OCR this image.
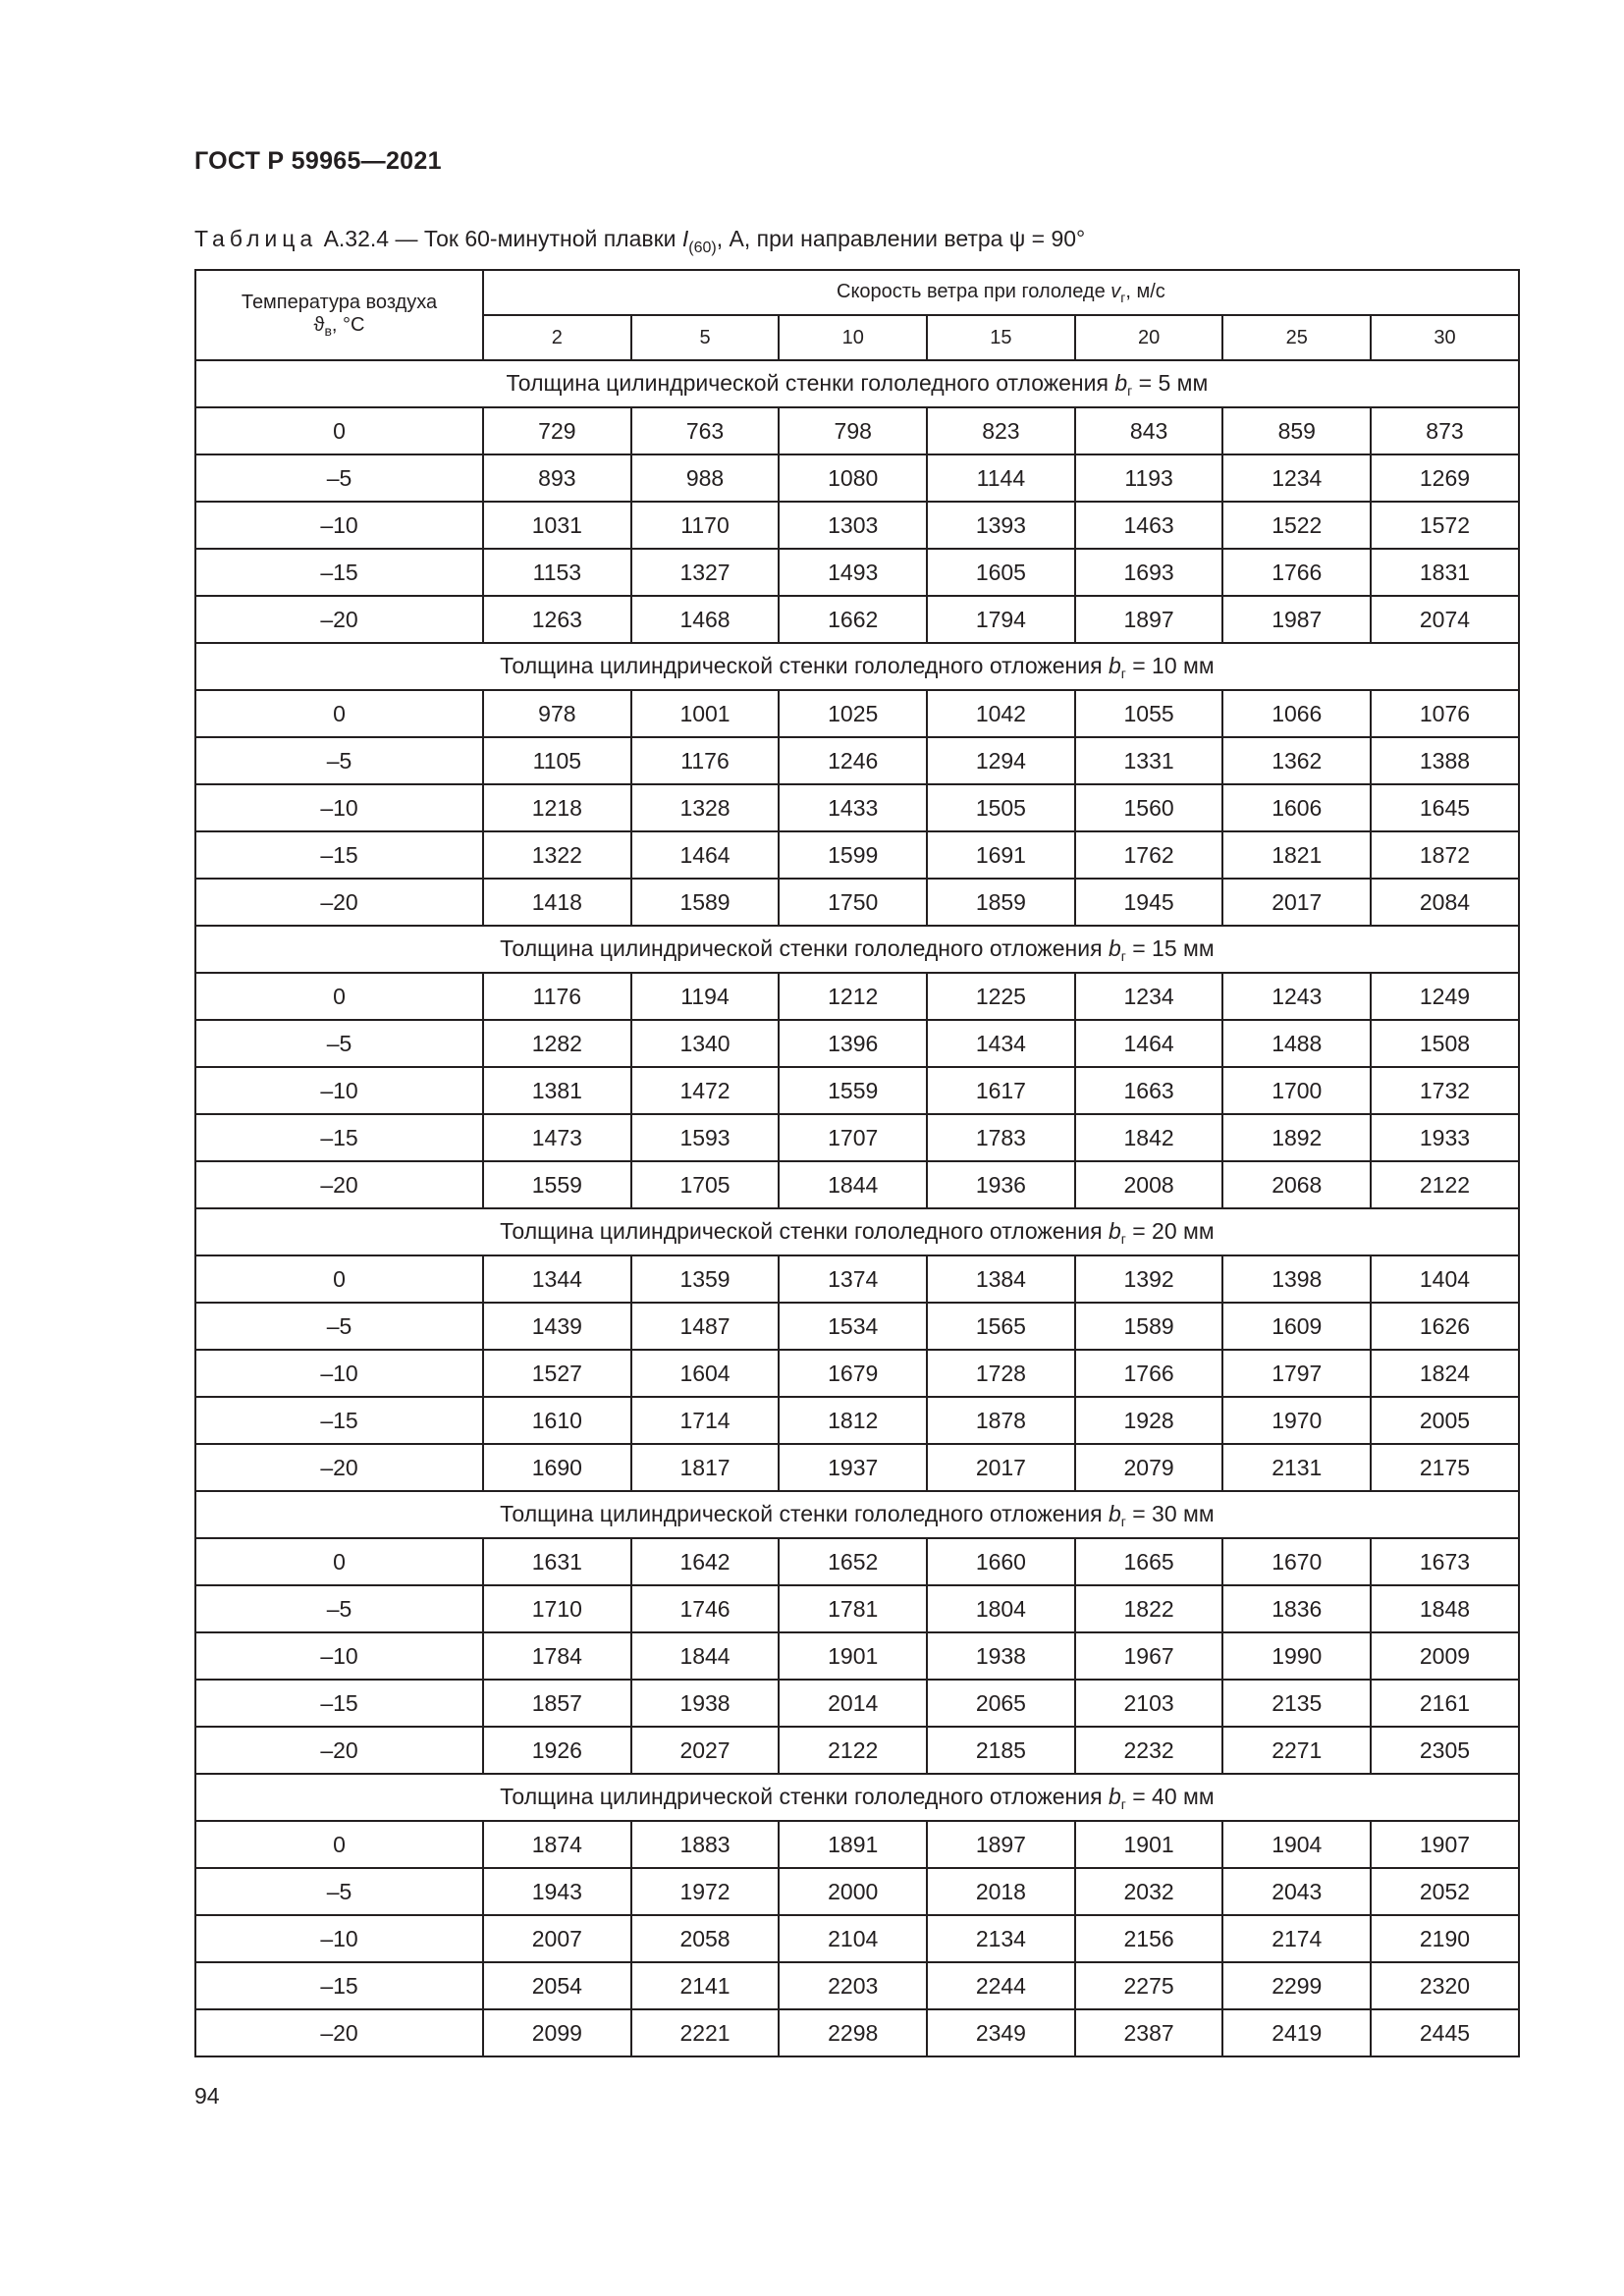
ГОСТ Р 59965—2021
Таблица А.32.4 — Ток 60-минутной плавки $I_{(60)}$, А, при направлении ветра ψ = 90°
Температура воздуха
$ϑ_в$, °С	Скорость ветра при гололеде $v_г$, м/с						
	2	5	10	15	20	25	30
Толщина цилиндрической стенки гололедного отложения $b_г = 5$ мм							
0	729	763	798	823	843	859	873
–5	893	988	1080	1144	1193	1234	1269
–10	1031	1170	1303	1393	1463	1522	1572
–15	1153	1327	1493	1605	1693	1766	1831
–20	1263	1468	1662	1794	1897	1987	2074
Толщина цилиндрической стенки гололедного отложения $b_г = 10$ мм							
0	978	1001	1025	1042	1055	1066	1076
–5	1105	1176	1246	1294	1331	1362	1388
–10	1218	1328	1433	1505	1560	1606	1645
–15	1322	1464	1599	1691	1762	1821	1872
–20	1418	1589	1750	1859	1945	2017	2084
Толщина цилиндрической стенки гололедного отложения $b_г = 15$ мм							
0	1176	1194	1212	1225	1234	1243	1249
–5	1282	1340	1396	1434	1464	1488	1508
–10	1381	1472	1559	1617	1663	1700	1732
–15	1473	1593	1707	1783	1842	1892	1933
–20	1559	1705	1844	1936	2008	2068	2122
Толщина цилиндрической стенки гололедного отложения $b_г = 20$ мм							
0	1344	1359	1374	1384	1392	1398	1404
–5	1439	1487	1534	1565	1589	1609	1626
–10	1527	1604	1679	1728	1766	1797	1824
–15	1610	1714	1812	1878	1928	1970	2005
–20	1690	1817	1937	2017	2079	2131	2175
Толщина цилиндрической стенки гололедного отложения $b_г = 30$ мм							
0	1631	1642	1652	1660	1665	1670	1673
–5	1710	1746	1781	1804	1822	1836	1848
–10	1784	1844	1901	1938	1967	1990	2009
–15	1857	1938	2014	2065	2103	2135	2161
–20	1926	2027	2122	2185	2232	2271	2305
Толщина цилиндрической стенки гололедного отложения $b_г = 40$ мм							
0	1874	1883	1891	1897	1901	1904	1907
–5	1943	1972	2000	2018	2032	2043	2052
–10	2007	2058	2104	2134	2156	2174	2190
–15	2054	2141	2203	2244	2275	2299	2320
–20	2099	2221	2298	2349	2387	2419	2445
94
